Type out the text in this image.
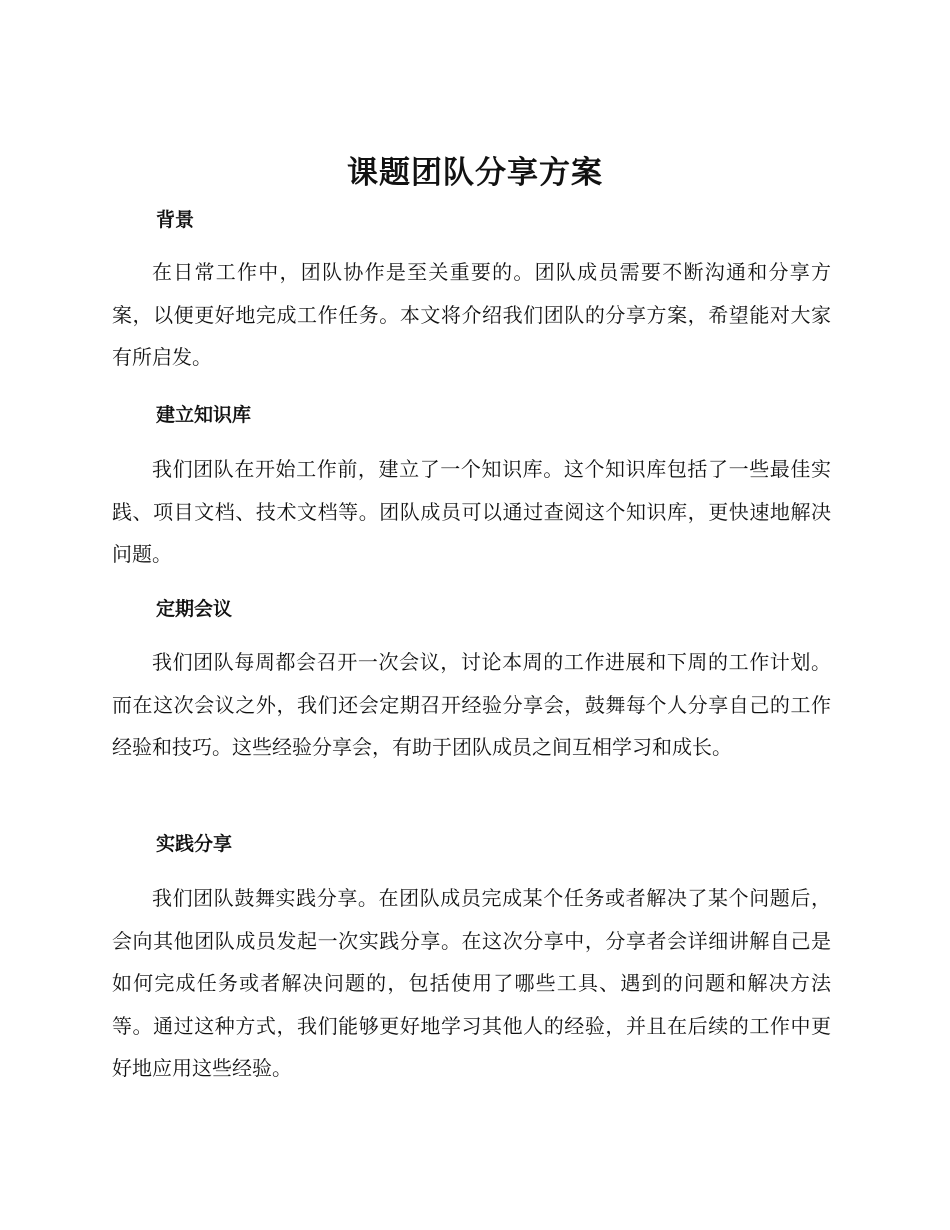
课题团队分享方案
背景

在日常工作中，团队协作是至关重要的。团队成员需要不断沟通和分享方案，以便更好地完成工作任务。本文将介绍我们团队的分享方案，希望能对大家有所启发。

建立知识库

我们团队在开始工作前，建立了一个知识库。这个知识库包括了一些最佳实践、项目文档、技术文档等。团队成员可以通过查阅这个知识库，更快速地解决问题。

定期会议

我们团队每周都会召开一次会议，讨论本周的工作进展和下周的工作计划。而在这次会议之外，我们还会定期召开经验分享会，鼓舞每个人分享自己的工作经验和技巧。这些经验分享会，有助于团队成员之间互相学习和成长。

实践分享

我们团队鼓舞实践分享。在团队成员完成某个任务或者解决了某个问题后，会向其他团队成员发起一次实践分享。在这次分享中，分享者会详细讲解自己是如何完成任务或者解决问题的，包括使用了哪些工具、遇到的问题和解决方法等。通过这种方式，我们能够更好地学习其他人的经验，并且在后续的工作中更好地应用这些经验。
